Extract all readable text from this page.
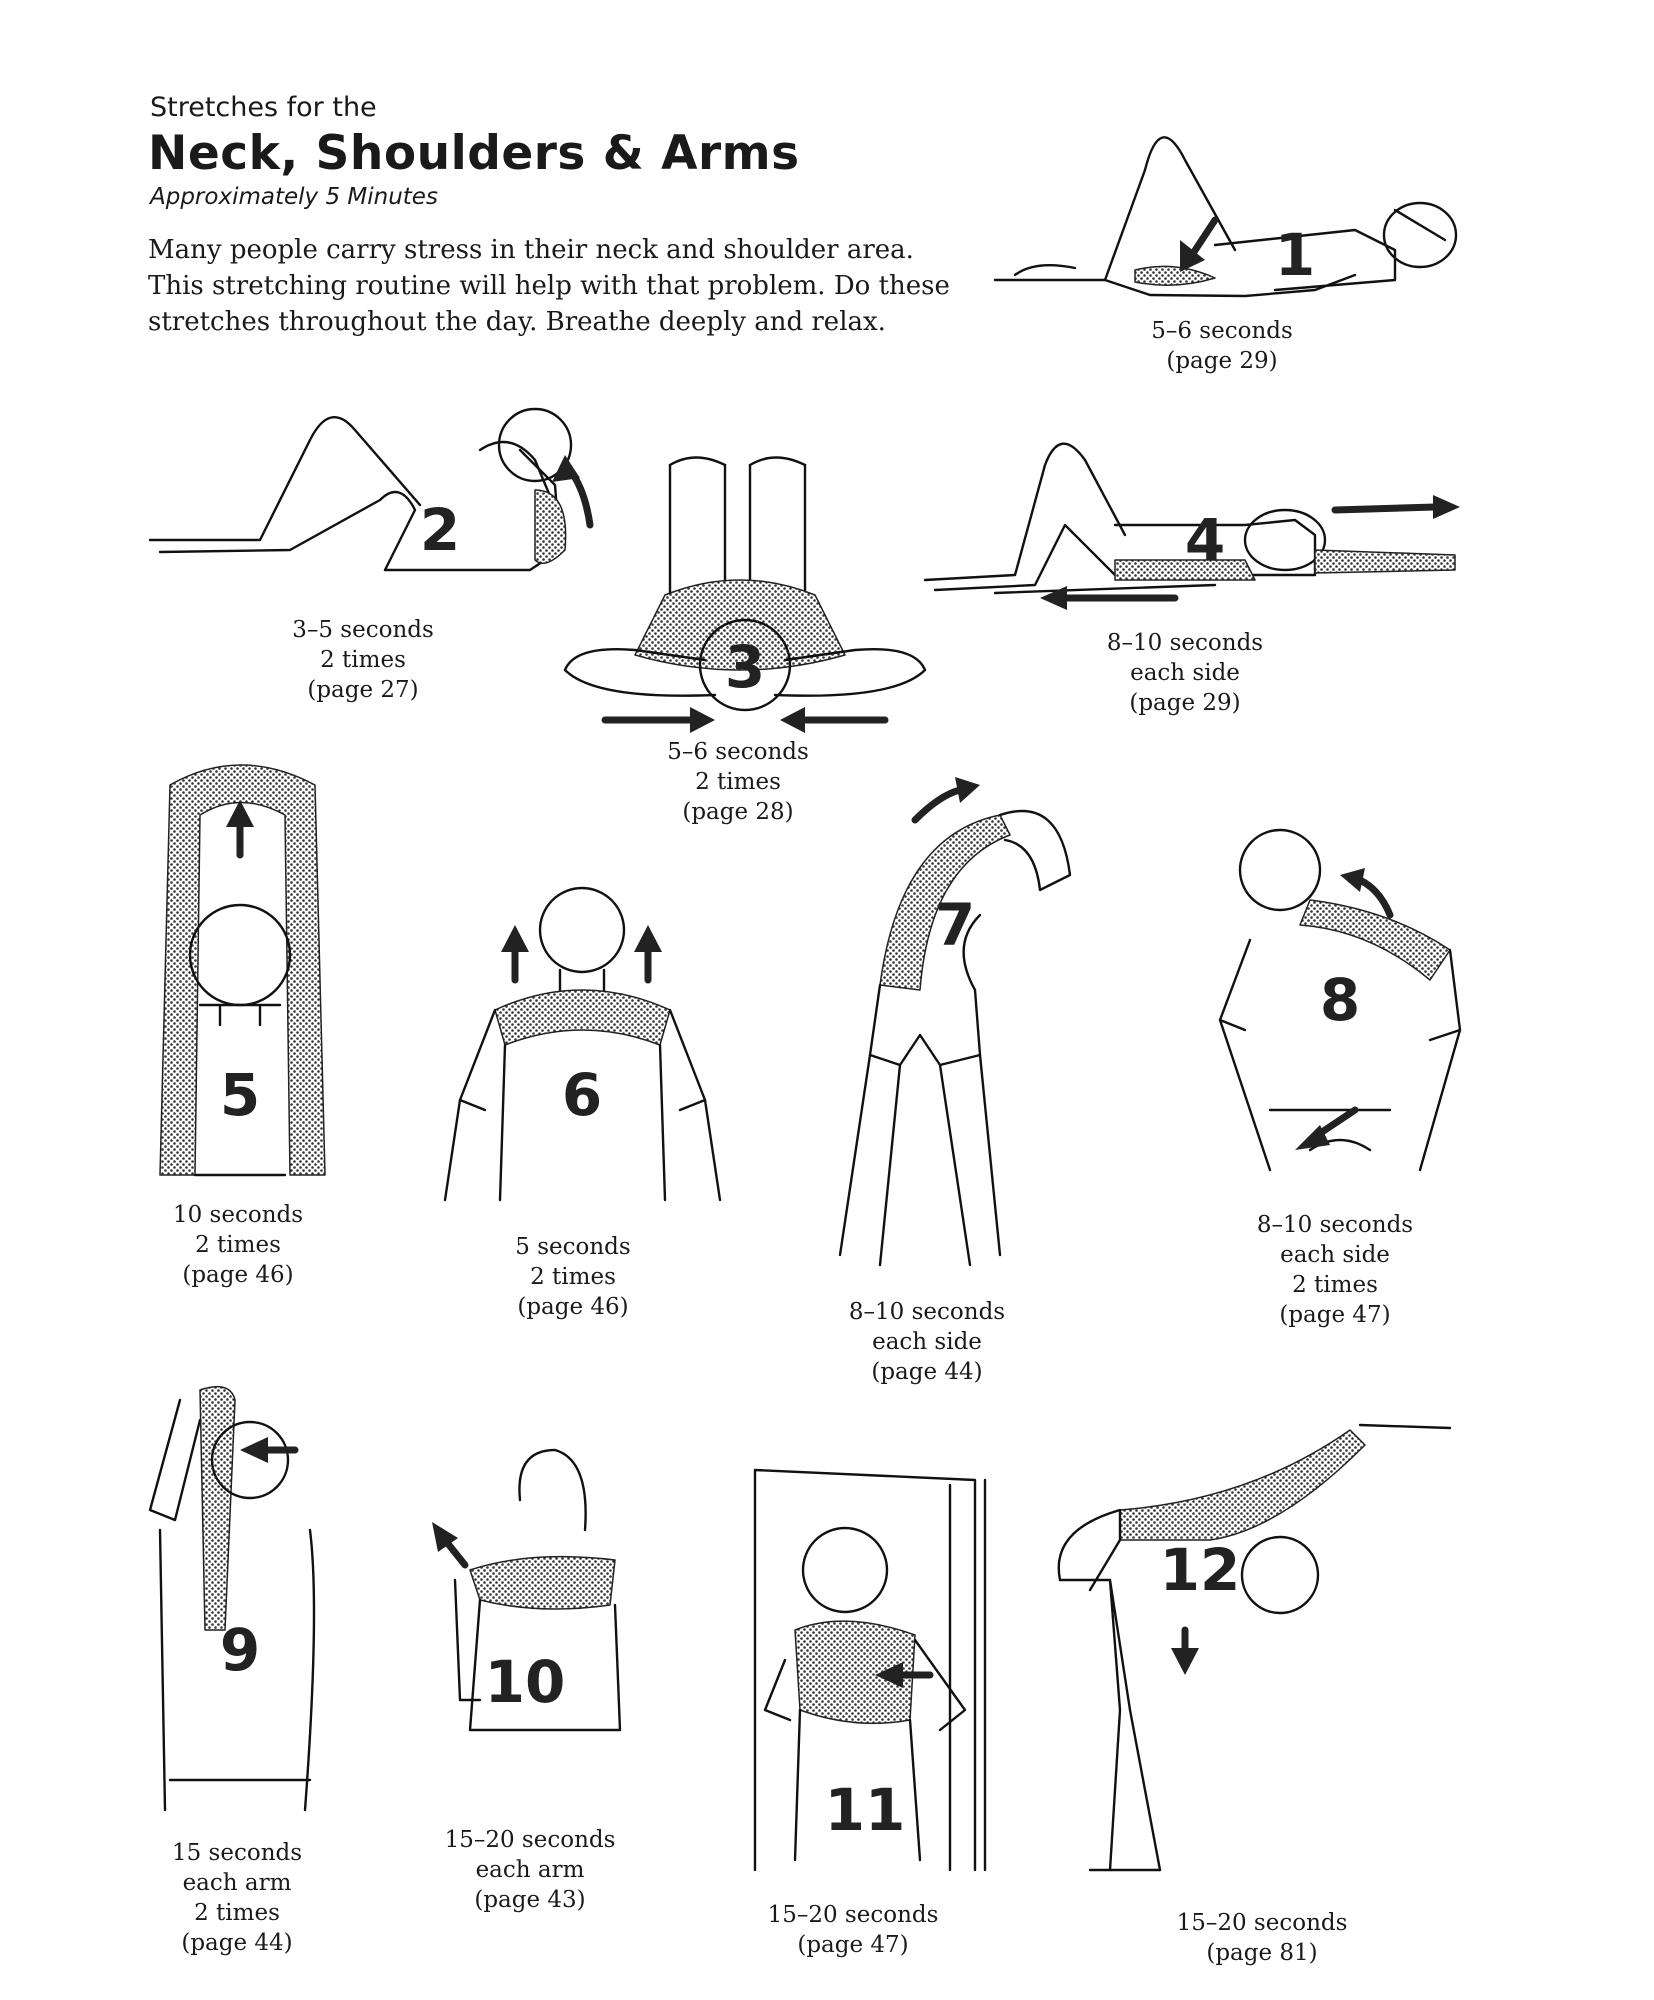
Stretches for the
Neck, Shoulders & Arms
Approximately 5 Minutes
Many people carry stress in their neck and shoulder area.
This stretching routine will help with that problem. Do these
stretches throughout the day. Breathe deeply and relax.
1
5–6 seconds
(page 29)
2
3–5 seconds
2 times
(page 27)	3
5–6 seconds
2 times
(page 28)
4
8–10 seconds
each side
(page 29)
5
10 seconds
2 times
(page 46)
6
5 seconds
2 times
(page 46)
7
8–10 seconds
each side
(page 44)
8
8–10 seconds
each side
2 times
(page 47)
9
15 seconds
each arm
2 times
(page 44)
10
15–20 seconds
each arm
(page 43)
11
15–20 seconds
(page 47)
12
15–20 seconds
(page 81)
